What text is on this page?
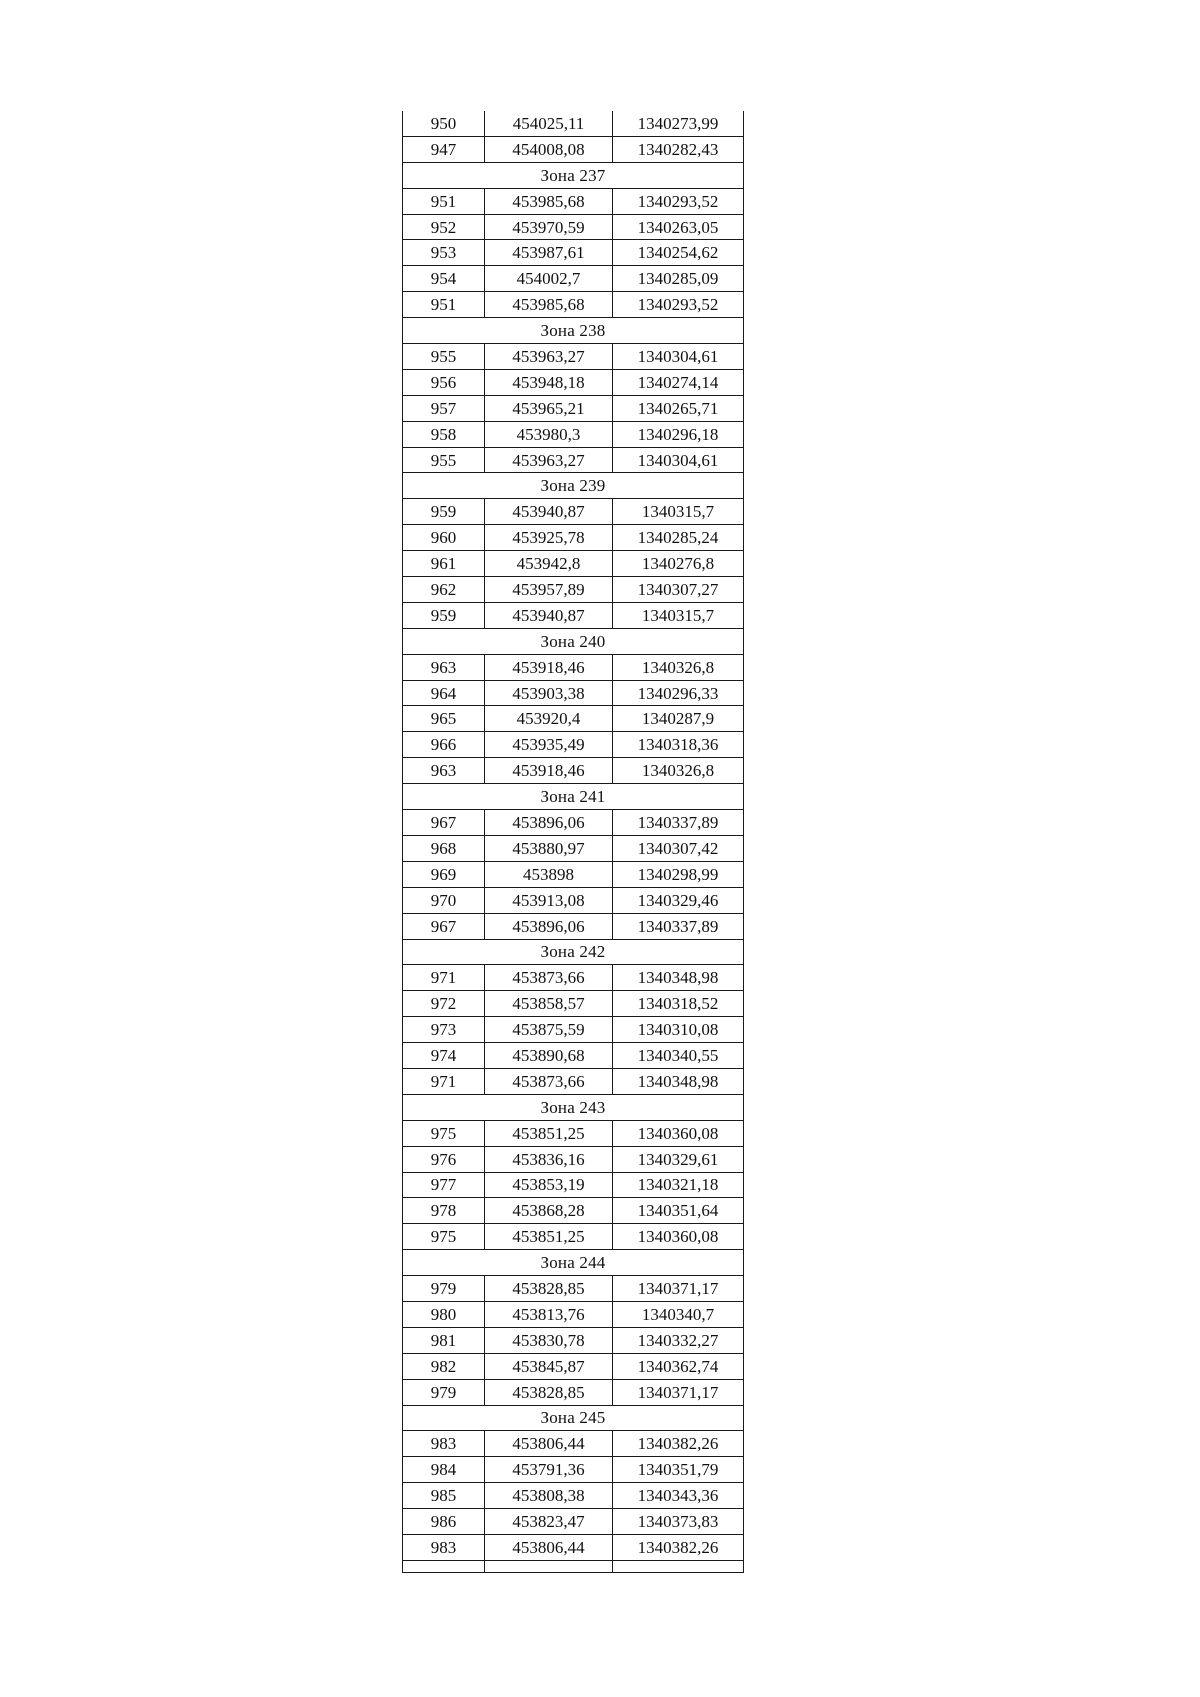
950	454025,11	1340273,99
947	454008,08	1340282,43
Зона 237		
951	453985,68	1340293,52
952	453970,59	1340263,05
953	453987,61	1340254,62
954	454002,7	1340285,09
951	453985,68	1340293,52
Зона 238		
955	453963,27	1340304,61
956	453948,18	1340274,14
957	453965,21	1340265,71
958	453980,3	1340296,18
955	453963,27	1340304,61
Зона 239		
959	453940,87	1340315,7
960	453925,78	1340285,24
961	453942,8	1340276,8
962	453957,89	1340307,27
959	453940,87	1340315,7
Зона 240		
963	453918,46	1340326,8
964	453903,38	1340296,33
965	453920,4	1340287,9
966	453935,49	1340318,36
963	453918,46	1340326,8
Зона 241		
967	453896,06	1340337,89
968	453880,97	1340307,42
969	453898	1340298,99
970	453913,08	1340329,46
967	453896,06	1340337,89
Зона 242		
971	453873,66	1340348,98
972	453858,57	1340318,52
973	453875,59	1340310,08
974	453890,68	1340340,55
971	453873,66	1340348,98
Зона 243		
975	453851,25	1340360,08
976	453836,16	1340329,61
977	453853,19	1340321,18
978	453868,28	1340351,64
975	453851,25	1340360,08
Зона 244		
979	453828,85	1340371,17
980	453813,76	1340340,7
981	453830,78	1340332,27
982	453845,87	1340362,74
979	453828,85	1340371,17
Зона 245		
983	453806,44	1340382,26
984	453791,36	1340351,79
985	453808,38	1340343,36
986	453823,47	1340373,83
983	453806,44	1340382,26
